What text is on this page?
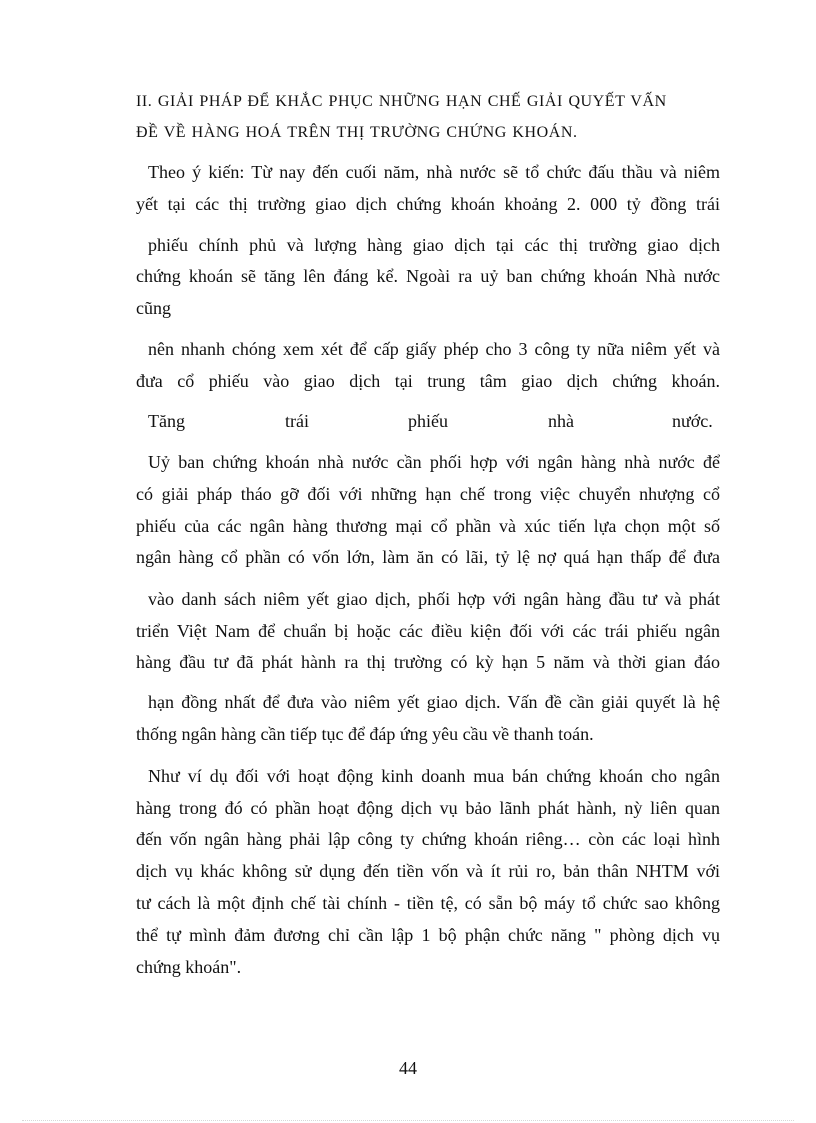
II. GIẢI PHÁP ĐỂ KHẮC PHỤC NHỮNG HẠN CHẾ GIẢI QUYẾT VẤN
ĐỀ VỀ HÀNG HOÁ TRÊN THỊ TRƯỜNG CHỨNG KHOÁN.
Theo ý kiến: Từ nay đến cuối năm, nhà nước sẽ tổ chức đấu thầu và niêm
yết tại các thị trường giao dịch chứng khoán khoảng 2. 000 tỷ đồng trái
phiếu chính phủ và lượng hàng giao dịch tại các thị trường giao dịch
chứng khoán sẽ tăng lên đáng kể. Ngoài ra uỷ ban chứng khoán Nhà nước
cũng
nên nhanh chóng xem xét để cấp giấy phép cho 3 công ty nữa niêm yết và
đưa cổ phiếu vào giao dịch tại trung tâm giao dịch chứng khoán.
Tăng	trái	phiếu	nhà	nước.
Uỷ ban chứng khoán nhà nước cần phối hợp với ngân hàng nhà nước để
có giải pháp tháo gỡ đối với những hạn chế trong việc chuyển nhượng cổ
phiếu của các ngân hàng thương mại cổ phần và xúc tiến lựa chọn một số
ngân hàng cổ phần có vốn lớn, làm ăn có lãi, tỷ lệ nợ quá hạn thấp để đưa
vào danh sách niêm yết giao dịch, phối hợp với ngân hàng đầu tư và phát
triển Việt Nam để chuẩn bị hoặc các điều kiện đối với các trái phiếu ngân
hàng đầu tư đã phát hành ra thị trường có kỳ hạn 5 năm và thời gian đáo
hạn đồng nhất để đưa vào niêm yết giao dịch. Vấn đề cần giải quyết là hệ
thống ngân hàng cần tiếp tục để đáp ứng yêu cầu về thanh toán.
Như ví dụ đối với hoạt động kinh doanh mua bán chứng khoán cho ngân
hàng trong đó có phần hoạt động dịch vụ bảo lãnh phát hành, nỳ liên quan
đến vốn ngân hàng phải lập công ty chứng khoán riêng… còn các loại hình
dịch vụ khác không sử dụng đến tiền vốn và ít rủi ro, bản thân NHTM với
tư cách là một định chế tài chính - tiền tệ, có sẵn bộ máy tổ chức sao không
thể tự mình đảm đương chỉ cần lập 1 bộ phận chức năng " phòng dịch vụ
chứng khoán".
44
